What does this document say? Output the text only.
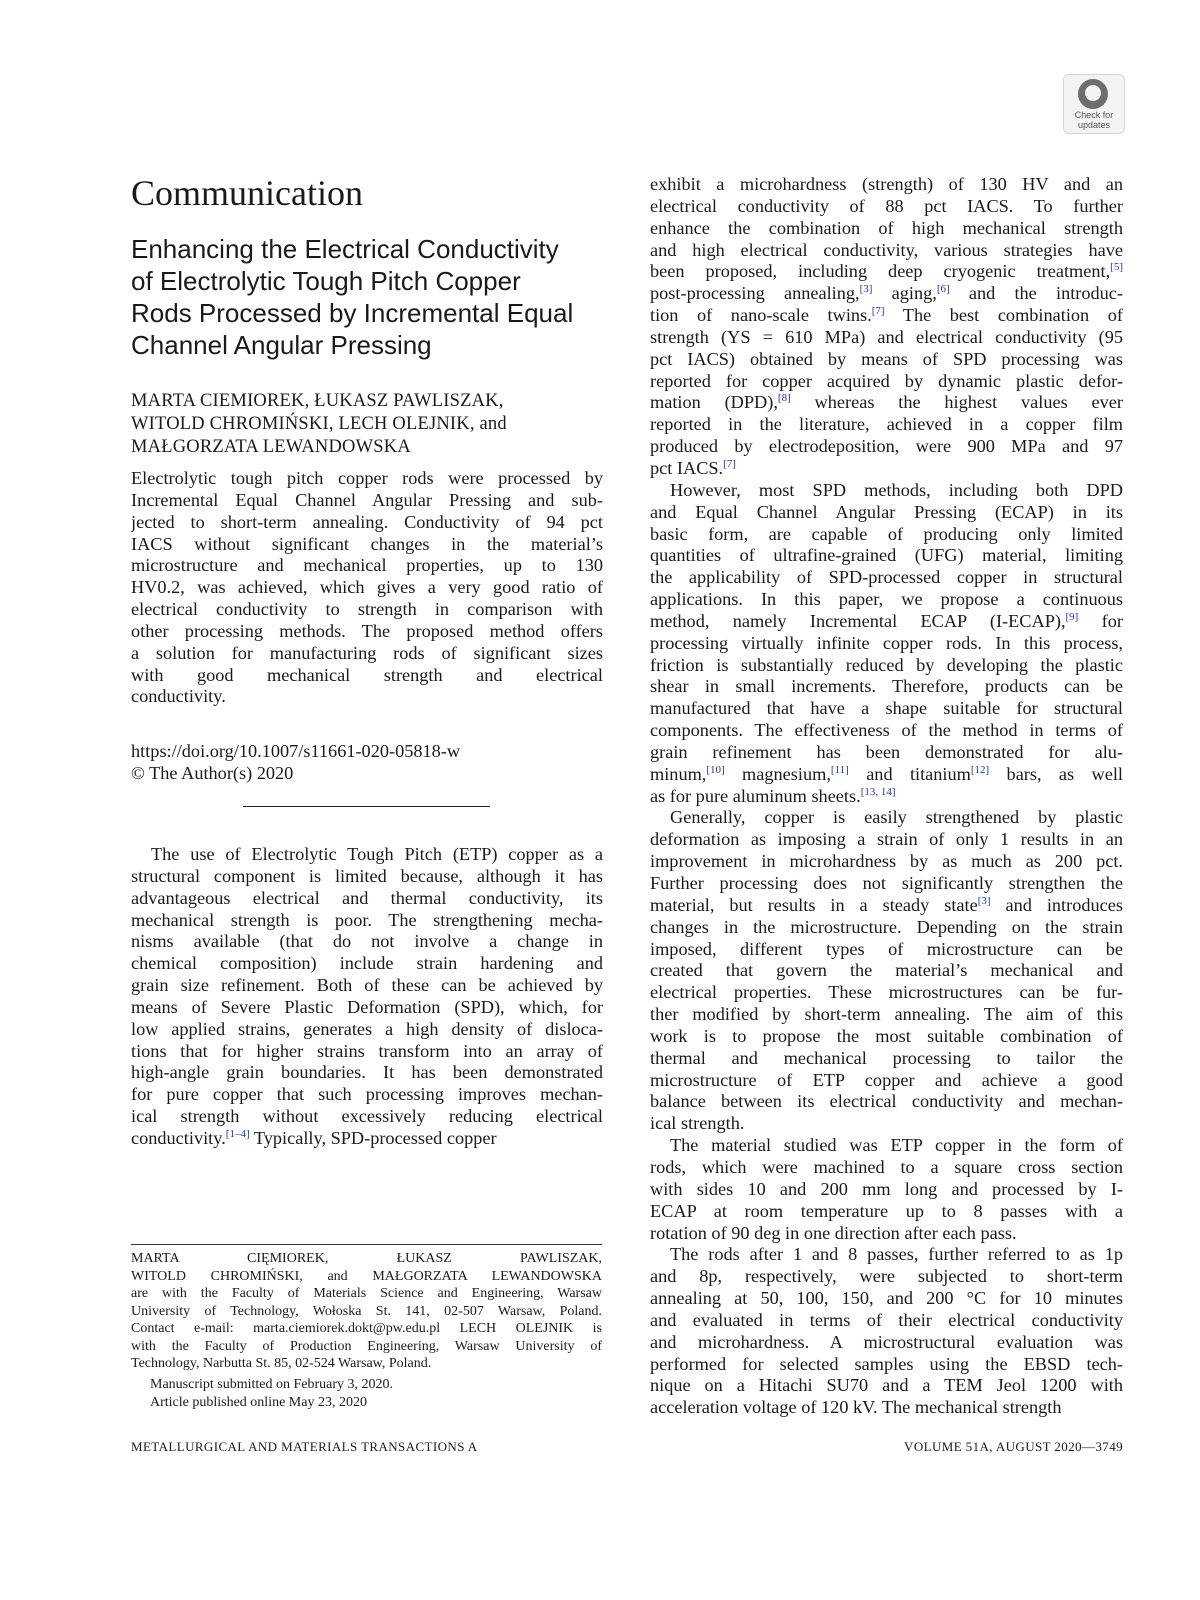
Check for
updates
Communication
Enhancing the Electrical Conductivity
of Electrolytic Tough Pitch Copper
Rods Processed by Incremental Equal
Channel Angular Pressing
MARTA CIEMIOREK, ŁUKASZ PAWLISZAK,
WITOLD CHROMIŃSKI, LECH OLEJNIK, and
MAŁGORZATA LEWANDOWSKA
Electrolytic tough pitch copper rods were processed by
Incremental Equal Channel Angular Pressing and sub-
jected to short-term annealing. Conductivity of 94 pct
IACS without significant changes in the material’s
microstructure and mechanical properties, up to 130
HV0.2, was achieved, which gives a very good ratio of
electrical conductivity to strength in comparison with
other processing methods. The proposed method offers
a solution for manufacturing rods of significant sizes
with good mechanical strength and electrical
conductivity.
https://doi.org/10.1007/s11661-020-05818-w
© The Author(s) 2020
The use of Electrolytic Tough Pitch (ETP) copper as a
structural component is limited because, although it has
advantageous electrical and thermal conductivity, its
mechanical strength is poor. The strengthening mecha-
nisms available (that do not involve a change in
chemical composition) include strain hardening and
grain size refinement. Both of these can be achieved by
means of Severe Plastic Deformation (SPD), which, for
low applied strains, generates a high density of disloca-
tions that for higher strains transform into an array of
high-angle grain boundaries. It has been demonstrated
for pure copper that such processing improves mechan-
ical strength without excessively reducing electrical
conductivity.[1–4] Typically, SPD-processed copper
MARTA CIĘMIOREK, ŁUKASZ PAWLISZAK,
WITOLD CHROMIŃSKI, and MAŁGORZATA LEWANDOWSKA
are with the Faculty of Materials Science and Engineering, Warsaw
University of Technology, Wołoska St. 141, 02-507 Warsaw, Poland.
Contact e-mail: marta.ciemiorek.dokt@pw.edu.pl LECH OLEJNIK is
with the Faculty of Production Engineering, Warsaw University of
Technology, Narbutta St. 85, 02-524 Warsaw, Poland.
Manuscript submitted on February 3, 2020.
Article published online May 23, 2020
exhibit a microhardness (strength) of 130 HV and an
electrical conductivity of 88 pct IACS. To further
enhance the combination of high mechanical strength
and high electrical conductivity, various strategies have
been proposed, including deep cryogenic treatment,[5]
post-processing annealing,[3] aging,[6] and the introduc-
tion of nano-scale twins.[7] The best combination of
strength (YS = 610 MPa) and electrical conductivity (95
pct IACS) obtained by means of SPD processing was
reported for copper acquired by dynamic plastic defor-
mation (DPD),[8] whereas the highest values ever
reported in the literature, achieved in a copper film
produced by electrodeposition, were 900 MPa and 97
pct IACS.[7]
However, most SPD methods, including both DPD
and Equal Channel Angular Pressing (ECAP) in its
basic form, are capable of producing only limited
quantities of ultrafine-grained (UFG) material, limiting
the applicability of SPD-processed copper in structural
applications. In this paper, we propose a continuous
method, namely Incremental ECAP (I-ECAP),[9] for
processing virtually infinite copper rods. In this process,
friction is substantially reduced by developing the plastic
shear in small increments. Therefore, products can be
manufactured that have a shape suitable for structural
components. The effectiveness of the method in terms of
grain refinement has been demonstrated for alu-
minum,[10] magnesium,[11] and titanium[12] bars, as well
as for pure aluminum sheets.[13, 14]
Generally, copper is easily strengthened by plastic
deformation as imposing a strain of only 1 results in an
improvement in microhardness by as much as 200 pct.
Further processing does not significantly strengthen the
material, but results in a steady state[3] and introduces
changes in the microstructure. Depending on the strain
imposed, different types of microstructure can be
created that govern the material’s mechanical and
electrical properties. These microstructures can be fur-
ther modified by short-term annealing. The aim of this
work is to propose the most suitable combination of
thermal and mechanical processing to tailor the
microstructure of ETP copper and achieve a good
balance between its electrical conductivity and mechan-
ical strength.
The material studied was ETP copper in the form of
rods, which were machined to a square cross section
with sides 10 and 200 mm long and processed by I-
ECAP at room temperature up to 8 passes with a
rotation of 90 deg in one direction after each pass.
The rods after 1 and 8 passes, further referred to as 1p
and 8p, respectively, were subjected to short-term
annealing at 50, 100, 150, and 200 °C for 10 minutes
and evaluated in terms of their electrical conductivity
and microhardness. A microstructural evaluation was
performed for selected samples using the EBSD tech-
nique on a Hitachi SU70 and a TEM Jeol 1200 with
acceleration voltage of 120 kV. The mechanical strength
METALLURGICAL AND MATERIALS TRANSACTIONS A	VOLUME 51A, AUGUST 2020—3749
